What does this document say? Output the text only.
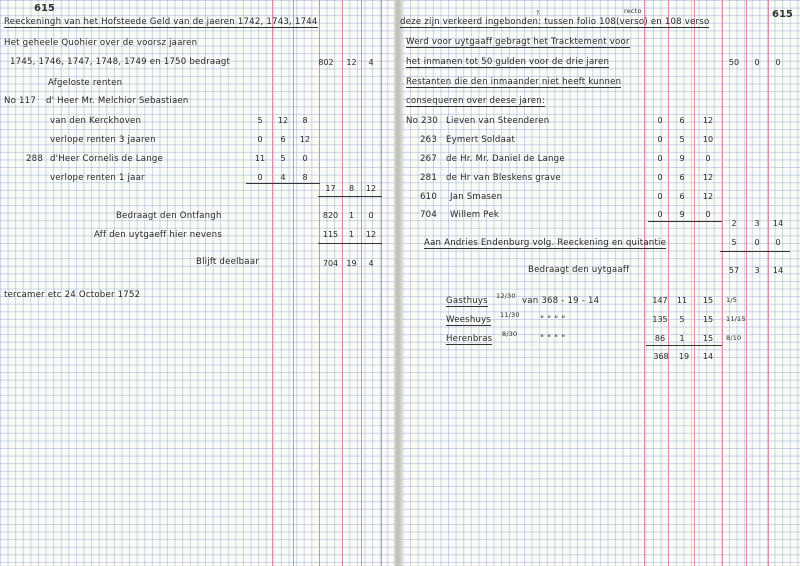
615
Reeckeningh van het Hofsteede Geld van de jaeren 1742, 1743, 1744
Het geheele Quohier over de voorsz jaaren
1745, 1746, 1747, 1748, 1749 en 1750 bedraagt	802	12	4
Afgeloste renten
No 117 d' Heer Mr. Melchior Sebastiaen
van den Kerckhoven	5	12	8
verlope renten 3 jaaren	0	6	12
288 d'Heer Cornelis de Lange	11	5	0
verlope renten 1 jaar	0	4	8
17	8	12
Bedraagt den Ontfangh	820	1	0
Aff den uytgaeff hier nevens	115	1	12
Blijft deelbaar	704	19	4
tercamer etc 24 October 1752
615
recto
?
deze zijn verkeerd ingebonden: tussen folio 108(verso) en 108 verso
Werd voor uytgaaff gebragt het Tracktement voor
het inmanen tot 50 gulden voor de drie jaren	50	0	0
Restanten die den inmaander niet heeft kunnen
consequeren over deese jaren:
No 230 Lieven van Steenderen	0	6	12
263 Eymert Soldaat	0	5	10
267 de Hr. Mr. Daniel de Lange	0	9	0
281 de Hr van Bleskens grave	0	6	12
610 Jan Smasen	0	6	12
704 Willem Pek	0	9	0
2	3	14
Aan Andries Endenburg volg. Reeckening en quitantie	5	0	0
Bedraagt den uytgaaff	57	3	14
Gasthuys 12/30 van 368 - 19 - 14	147	11	15	1/5
Weeshuys 11/30 " " " "	135	5	15	11/15
Herenbras 8/30	" " " "	86	1	15	8/10
368	19	14
